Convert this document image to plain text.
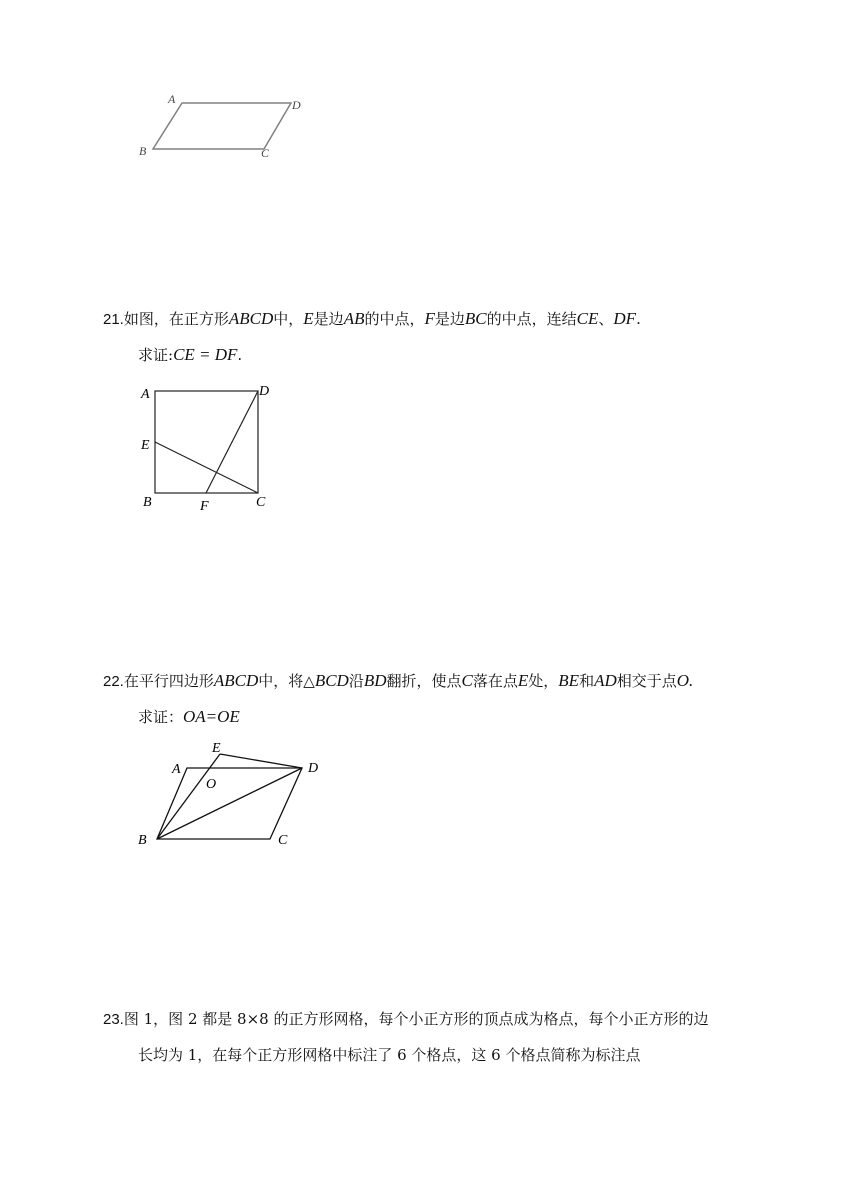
A	D
B	C
21.如图，在正方形ABCD中，E是边AB的中点，F是边BC的中点，连结CE、DF.
求证:CE = DF.
A	D
E
B	F	C
22.在平行四边形ABCD中，将△BCD沿BD翻折，使点C落在点E处，BE和AD相交于点O.
求证：OA=OE
E
A
O
D
B	C
23.图 1，图 2 都是 8×8 的正方形网格，每个小正方形的顶点成为格点，每个小正方形的边
长均为 1，在每个正方形网格中标注了 6 个格点，这 6 个格点简称为标注点
